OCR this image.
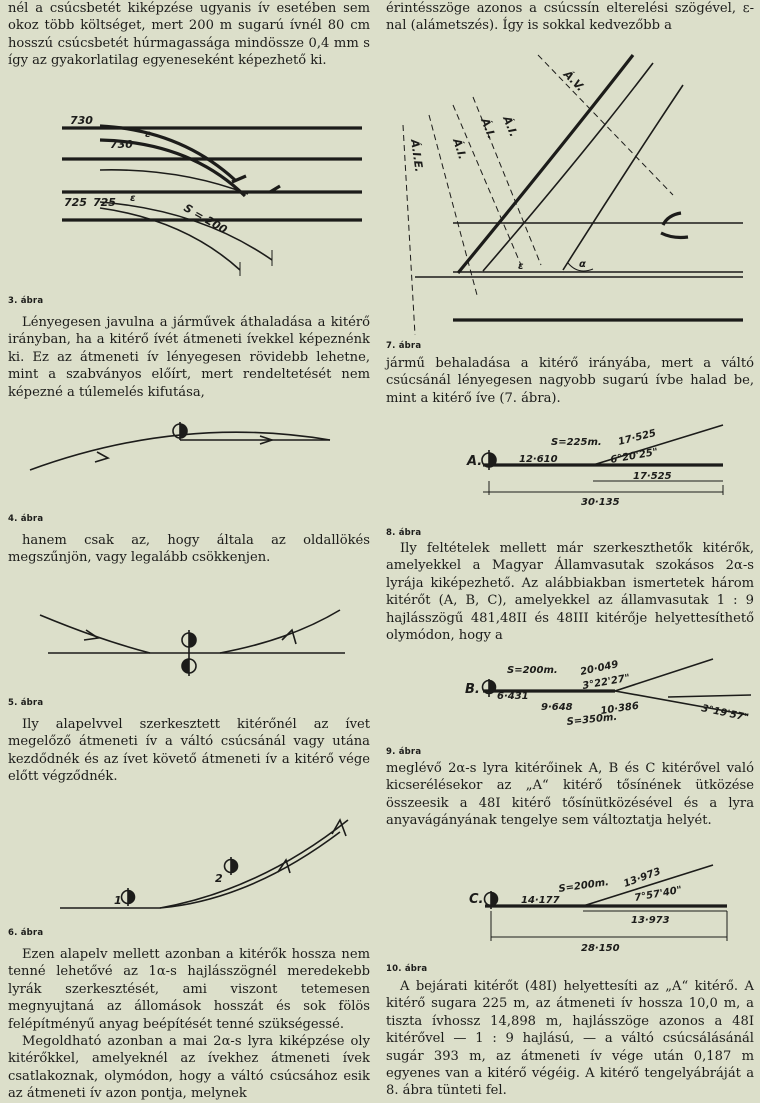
nél a csúcsbetét kiképzése ugyanis ív esetében sem okoz több költséget, mert 200 m sugarú ívnél 80 cm hosszú csúcsbetét húrmagassága mindössze 0,4 mm s így az gyakorlatilag egyeneseként képezhető ki.

730
730
725 725	S = 200
ε
ε
3. ábra

Lényegesen javulna a járművek áthaladása a kitérő irányban, ha a kitérő ívét átmeneti ívekkel képeznénk ki. Ez az átmeneti ív lényegesen rövidebb lehetne, mint a szabványos előírt, mert rendeltetését nem képezné a túlemelés kifutása,

4. ábra

hanem csak az, hogy általa az oldallökés megszűnjön, vagy legalább csökkenjen.

5. ábra

Ily alapelvvel szerkesztett kitérőnél az ívet megelőző átmeneti ív a váltó csúcsánál vagy utána kezdődnék és az ívet követő átmeneti ív a kitérő vége előtt végződnék.

1
2
6. ábra

Ezen alapelv mellett azonban a kitérők hossza nem tenné lehetővé az 1α-s hajlásszögnél meredekebb lyrák szerkesztését, ami viszont tetemesen megnyujtaná az állomások hosszát és sok fölös felépítményű anyag beépítését tenné szükségessé.

Megoldható azonban a mai 2α-s lyra kiképzése oly kitérőkkel, amelyeknél az ívekhez átmeneti ívek csatlakoznak, olymódon, hogy a váltó csúcsához esik az átmeneti ív azon pontja, melynek

érintésszöge azonos a csúcssín elterelési szögével, ε-nal (alámetszés). Így is sokkal kedvezőbb a

Á.I.
Á.I. Á.I.
Á.V.
Á.I.E.
ε	α
7. ábra

jármű behaladása a kitérő irányába, mert a váltó csúcsánál lényegesen nagyobb sugarú ívbe halad be, mint a kitérő íve (7. ábra).

A.
S=225m.
12·610
17·525
6°20'25"
17·525
30·135
8. ábra

Ily feltételek mellett már szerkeszthetők kitérők, amelyekkel a Magyar Államvasutak szokásos 2α-s lyrája kiképezhető. Az alábbiakban ismertetek három kitérőt (A, B, C), amelyekkel az államvasutak 1 : 9 hajlásszögű 481,48II és 48III kitérője helyettesíthető olymódon, hogy a

B. 6·431
S=200m. 20·049
3°22'27"
9·648	10·386
S=350m.	3°19'57"
9. ábra

meglévő 2α-s lyra kitérőinek A, B és C kitérővel való kicserélésekor az „A“ kitérő tősínének ütközése összeesik a 48I kitérő tősínütközésével és a lyra anyavágányának tengelye sem változtatja helyét.

C.
S=200m.
14·177
13·973
7°57'40"
13·973
28·150
10. ábra

A bejárati kitérőt (48I) helyettesíti az „A“ kitérő. A kitérő sugara 225 m, az átmeneti ív hossza 10,0 m, a tiszta ívhossz 14,898 m, hajlásszöge azonos a 48I kitérővel — 1 : 9 hajlású, — a váltó csúcsálásánál sugár 393 m, az átmeneti ív vége után 0,187 m egyenes van a kitérő végéig. A kitérő tengelyábráját a 8. ábra tünteti fel.
